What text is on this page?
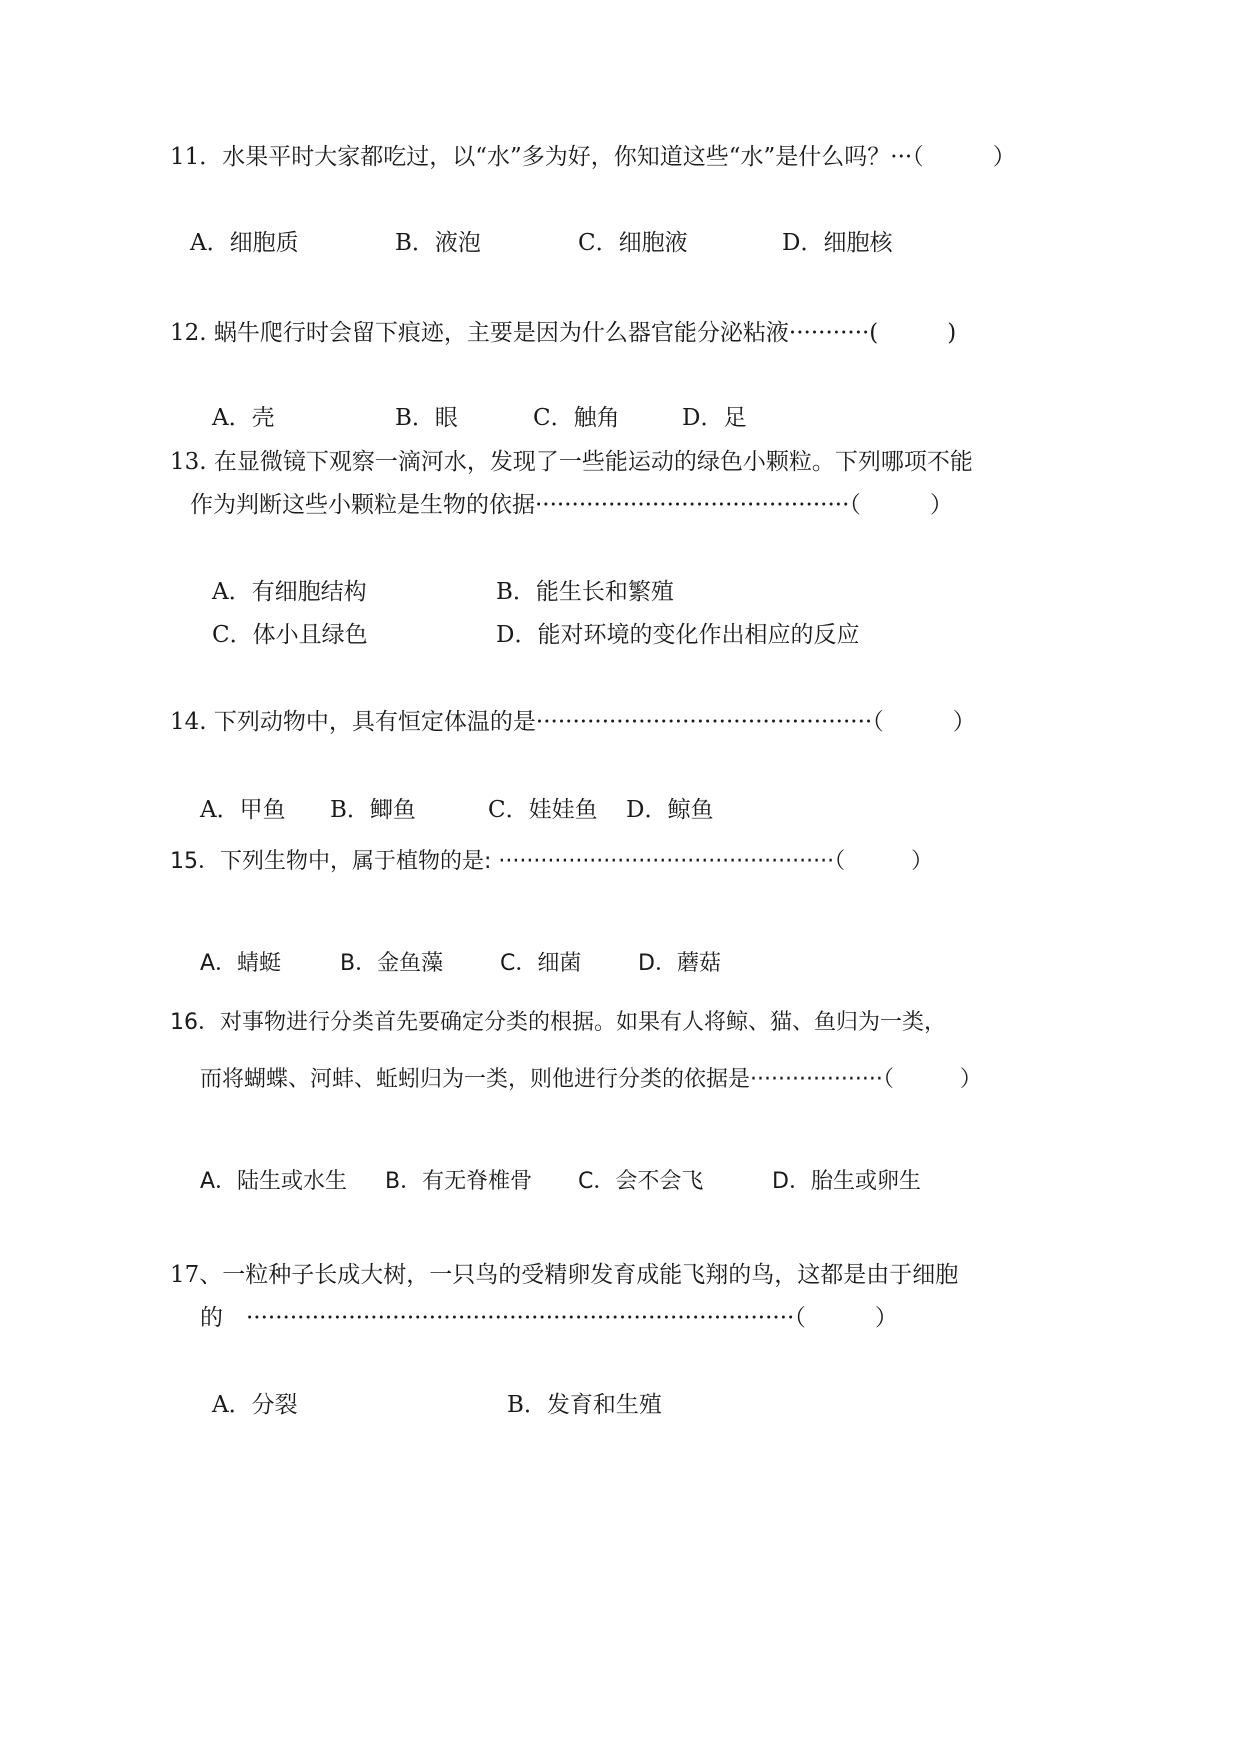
11．水果平时大家都吃过，以“水”多为好，你知道这些“水”是什么吗？···（　　　）
A．细胞质	B．液泡	C．细胞液	D．细胞核
12. 蜗牛爬行时会留下痕迹，主要是因为什么器官能分泌粘液···········(　　　)
A．壳	B．眼	C．触角	D．足
13. 在显微镜下观察一滴河水，发现了一些能运动的绿色小颗粒。下列哪项不能
作为判断这些小颗粒是生物的依据···········································（　　　）
A．有细胞结构	B．能生长和繁殖
C．体小且绿色	D．能对环境的变化作出相应的反应
14. 下列动物中，具有恒定体温的是··············································（　　　）
A．甲鱼 B．鲫鱼	C．娃娃鱼 D．鲸鱼
15．下列生物中，属于植物的是: ················································（　　　）
A．蜻蜓	B．金鱼藻	C．细菌	D．蘑菇
16．对事物进行分类首先要确定分类的根据。如果有人将鲸、猫、鱼归为一类，
而将蝴蝶、河蚌、蚯蚓归为一类，则他进行分类的依据是···················（　　　）
A．陆生或水生 B．有无脊椎骨 C．会不会飞	D．胎生或卵生
17、一粒种子长成大树，一只鸟的受精卵发育成能飞翔的鸟，这都是由于细胞
的　···········································································（　　　）
A．分裂	B．发育和生殖
